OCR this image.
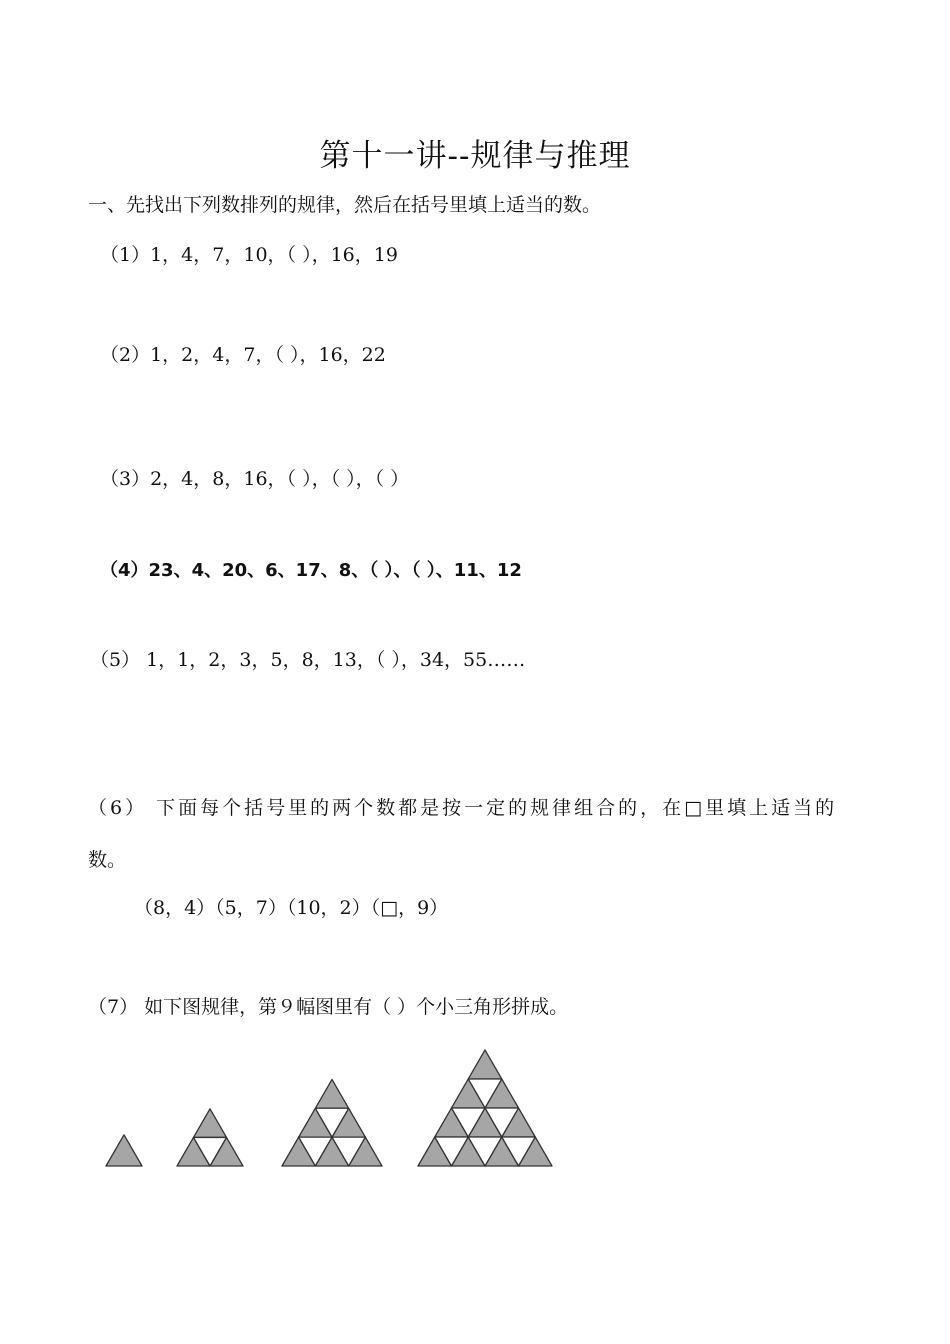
第十一讲--规律与推理
一、先找出下列数排列的规律，然后在括号里填上适当的数。
（1）1，4，7，10，（ ），16，19
（2）1，2，4，7，（ ），16，22
（3）2，4，8，16，（ ），（ ），（ ）
（4）23、4、20、6、17、8、（ ）、（ ）、11、12
（5） 1，1，2，3，5，8，13，（ ），34，55……
（6） 下面每个括号里的两个数都是按一定的规律组合的，在□里填上适当的
数。
（8，4）（5，7）（10，2）（□，9）
（7） 如下图规律，第９幅图里有（ ）个小三角形拼成。
